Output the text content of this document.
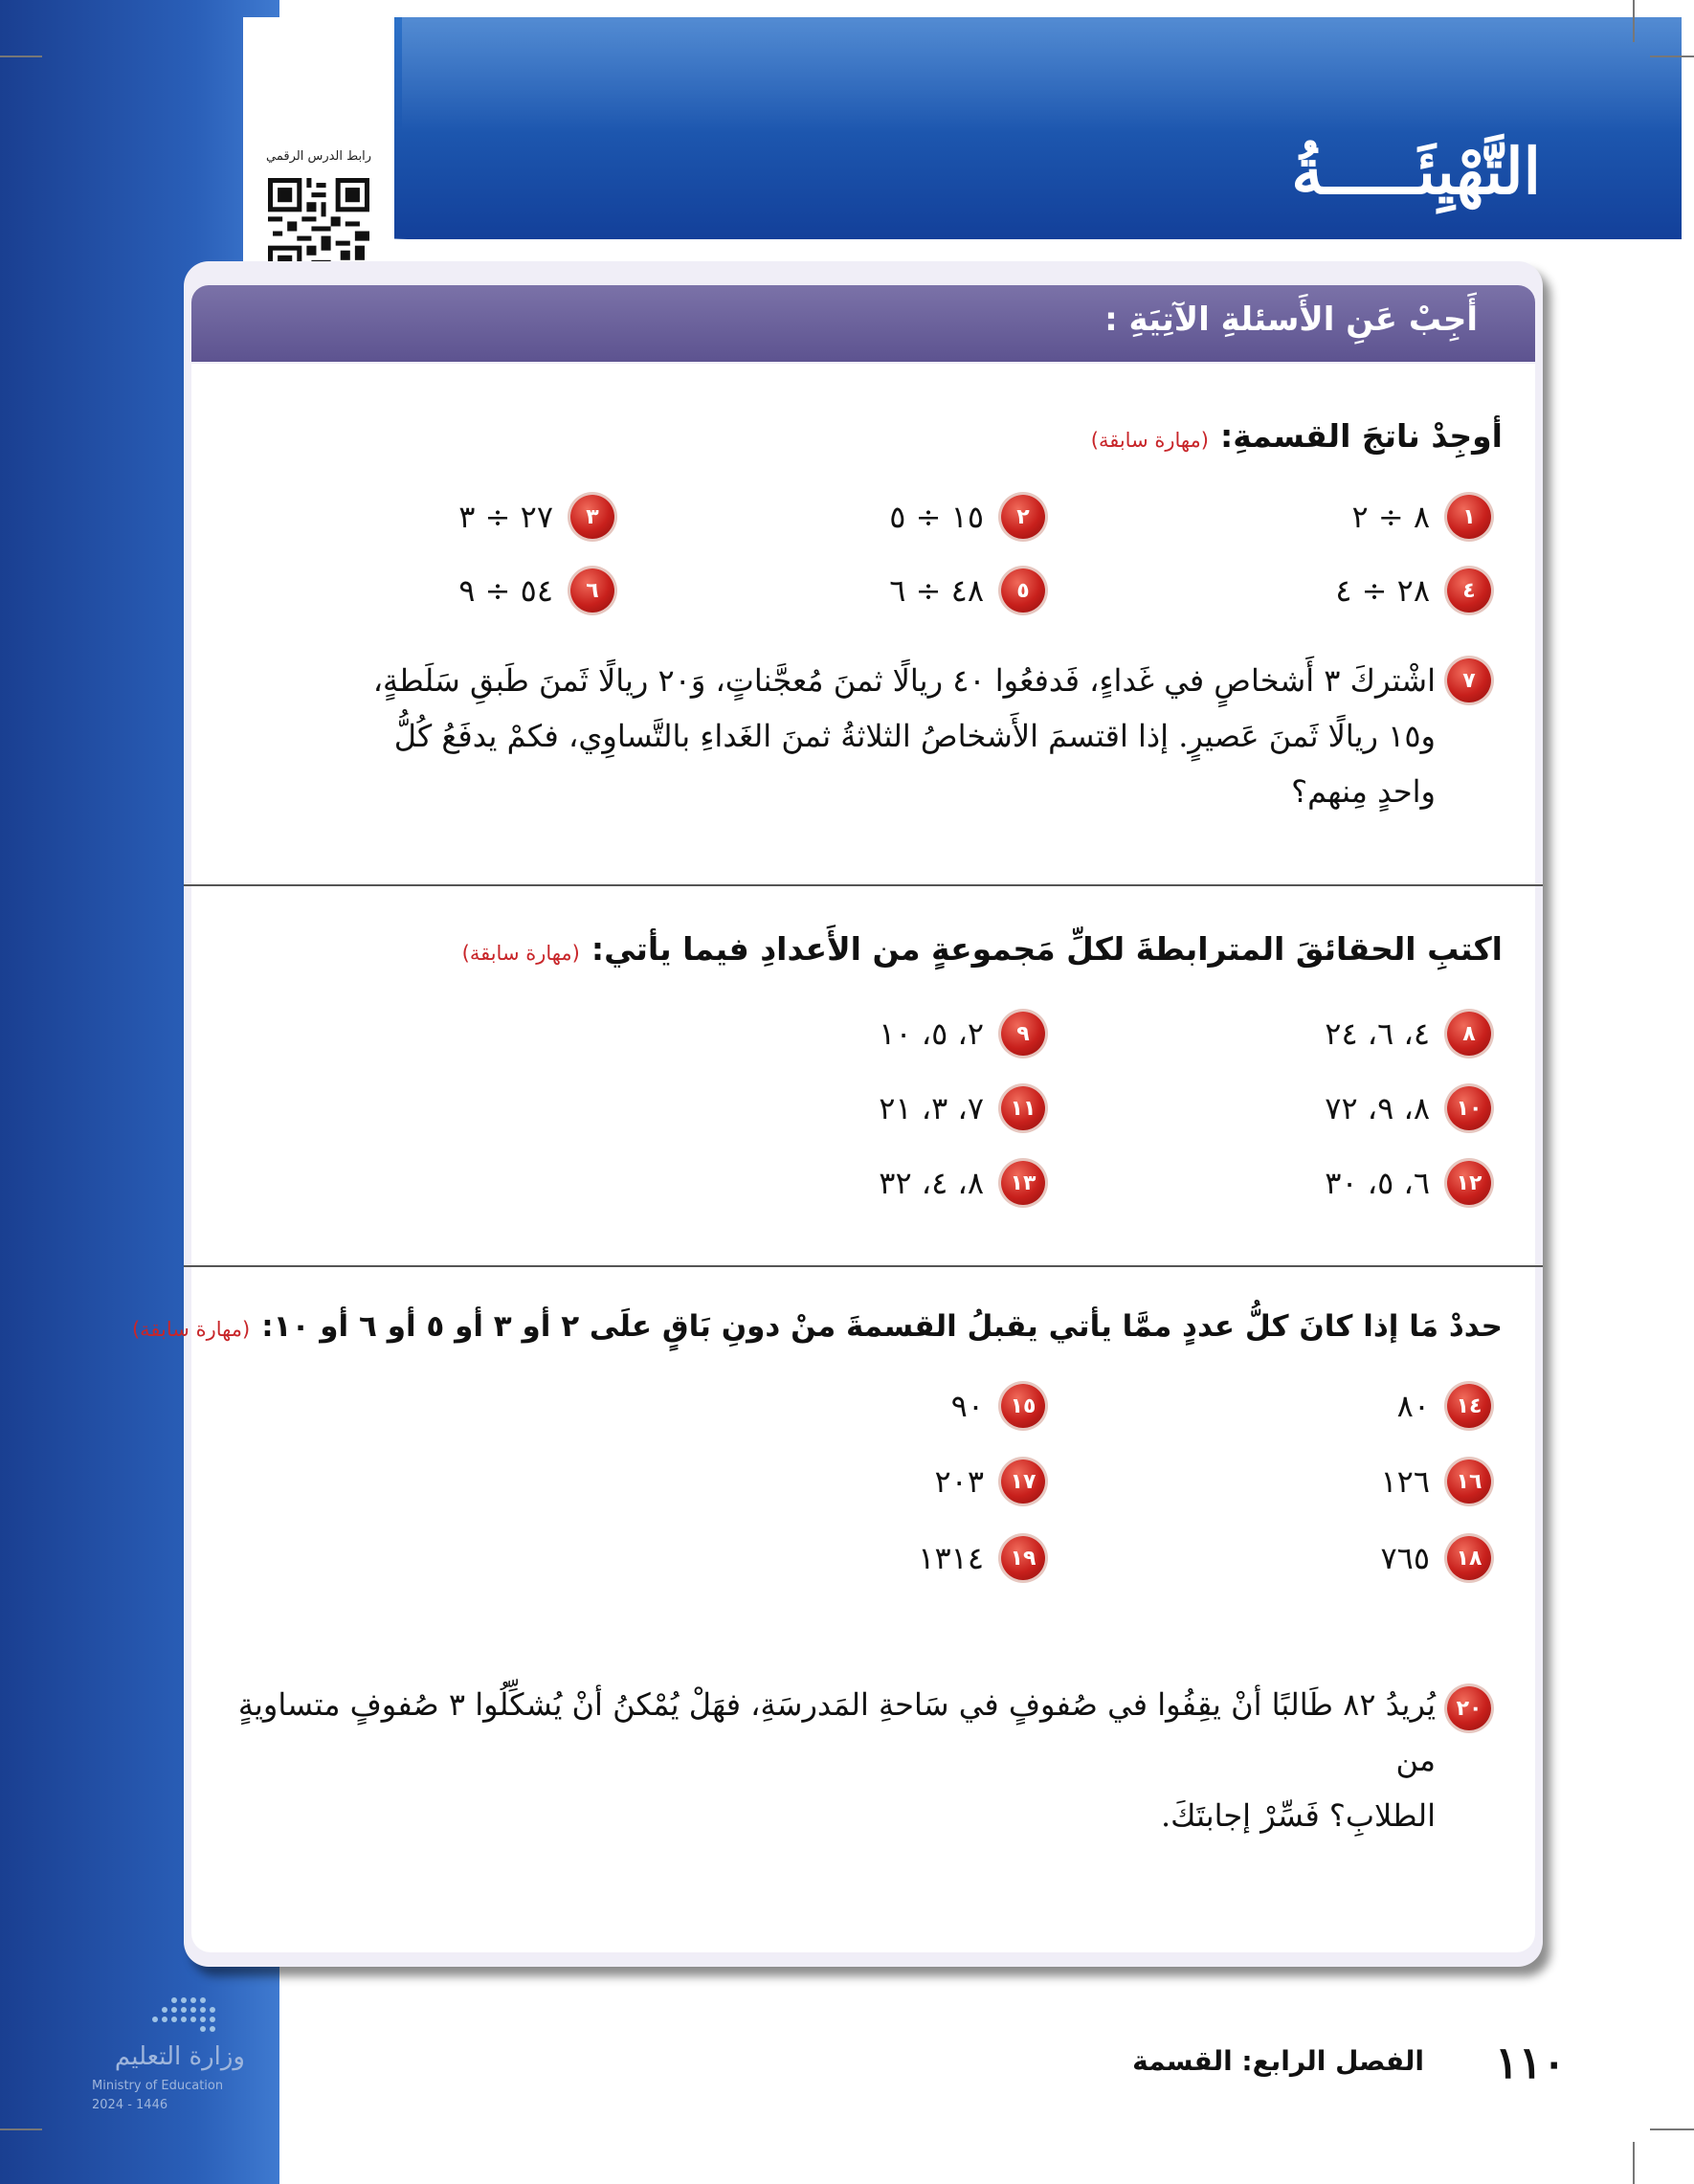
التَّهْيِئَـــــةُ
رابط الدرس الرقمي
أَجِبْ عَنِ الأَسئلةِ الآتِيَةِ :
أوجِدْ ناتجَ القسمةِ:(مهارة سابقة)
١
٨ ÷ ٢
٢
١٥ ÷ ٥
٣
٢٧ ÷ ٣
٤
٢٨ ÷ ٤
٥
٤٨ ÷ ٦
٦
٥٤ ÷ ٩
٧
اشْتركَ ٣ أَشخاصٍ في غَداءٍ، فَدفعُوا ٤٠ ريالًا ثمنَ مُعجَّناتٍ، وَ٢٠ ريالًا ثَمنَ طَبقِ سَلَطةٍ،
و١٥ ريالًا ثَمنَ عَصيرٍ. إذا اقتسمَ الأَشخاصُ الثلاثةُ ثمنَ الغَداءِ بالتَّساوِي، فكمْ يدفَعُ كُلُّ
واحدٍ مِنهم؟
اكتبِ الحقائقَ المترابطةَ لكلِّ مَجموعةٍ من الأَعدادِ فيما يأتي:(مهارة سابقة)
٨
٤، ٦، ٢٤
٩
٢، ٥، ١٠
١٠
٨، ٩، ٧٢
١١
٧، ٣، ٢١
١٢
٦، ٥، ٣٠
١٣
٨، ٤، ٣٢
حددْ مَا إذا كانَ كلُّ عددٍ ممَّا يأتي يقبلُ القسمةَ منْ دونِ بَاقٍ علَى ٢ أو ٣ أو ٥ أو ٦ أو ١٠:(مهارة سابقة)
١٤
٨٠
١٥
٩٠
١٦
١٢٦
١٧
٢٠٣
١٨
٧٦٥
١٩
١٣١٤
٢٠
يُريدُ ٨٢ طَالبًا أنْ يقِفُوا في صُفوفٍ في سَاحةِ المَدرسَةِ، فهَلْ يُمْكنُ أنْ يُشكِّلُوا ٣ صُفوفٍ متساويةٍ من
الطلابِ؟ فَسِّرْ إجابتَكَ.
وزارة التعليم
Ministry of Education
2024 - 1446
الفصل الرابع: القسمة ١١٠
